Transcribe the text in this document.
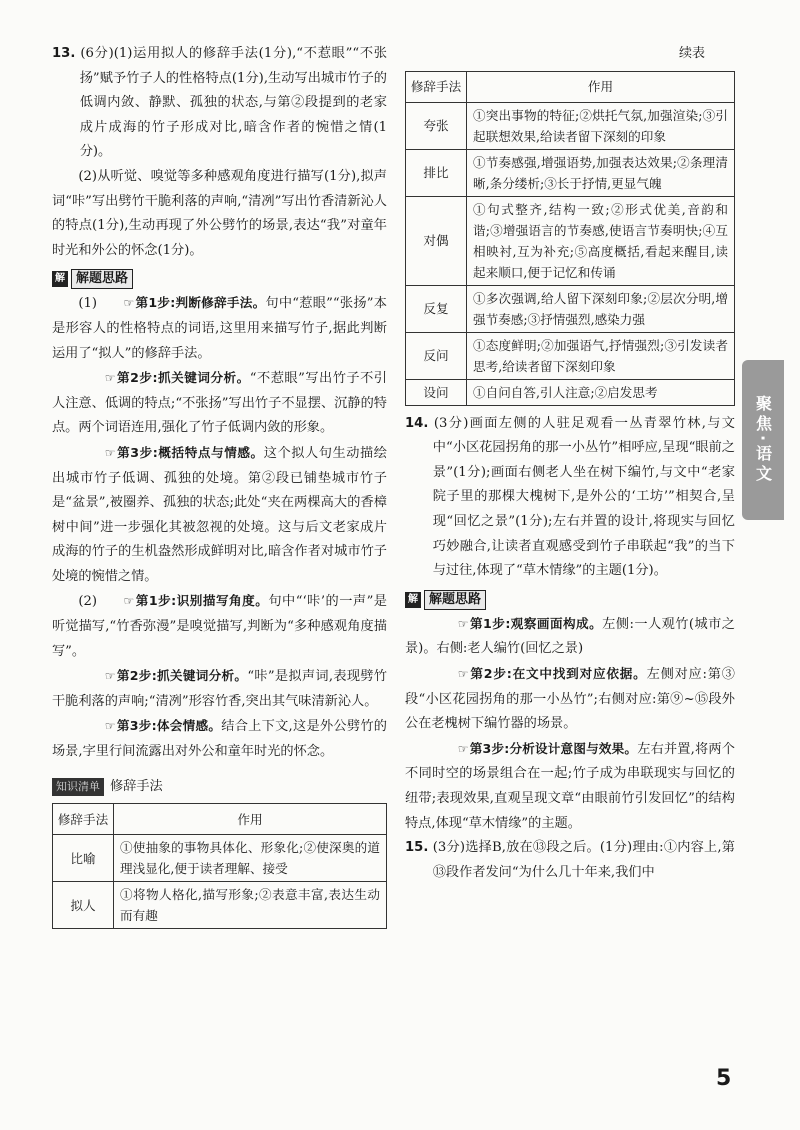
13. (6分)(1)运用拟人的修辞手法(1分),“不惹眼”“不张扬”赋予竹子人的性格特点(1分),生动写出城市竹子的低调内敛、静默、孤独的状态,与第②段提到的老家成片成海的竹子形成对比,暗含作者的惋惜之情(1分)。

(2)从听觉、嗅觉等多种感观角度进行描写(1分),拟声词“咔”写出劈竹干脆利落的声响,“清冽”写出竹香清新沁人的特点(1分),生动再现了外公劈竹的场景,表达“我”对童年时光和外公的怀念(1分)。

解 解题思路

(1) ☞第1步:判断修辞手法。句中“惹眼”“张扬”本是形容人的性格特点的词语,这里用来描写竹子,据此判断运用了“拟人”的修辞手法。

☞第2步:抓关键词分析。“不惹眼”写出竹子不引人注意、低调的特点;“不张扬”写出竹子不显摆、沉静的特点。两个词语连用,强化了竹子低调内敛的形象。

☞第3步:概括特点与情感。这个拟人句生动描绘出城市竹子低调、孤独的处境。第②段已铺垫城市竹子是“盆景”,被圈养、孤独的状态;此处“夹在两棵高大的香樟树中间”进一步强化其被忽视的处境。这与后文老家成片成海的竹子的生机盎然形成鲜明对比,暗含作者对城市竹子处境的惋惜之情。

(2) ☞第1步:识别描写角度。句中“‘咔’的一声”是听觉描写,“竹香弥漫”是嗅觉描写,判断为“多种感观角度描写”。

☞第2步:抓关键词分析。“咔”是拟声词,表现劈竹干脆利落的声响;“清冽”形容竹香,突出其气味清新沁人。

☞第3步:体会情感。结合上下文,这是外公劈竹的场景,字里行间流露出对外公和童年时光的怀念。

知识清单 修辞手法
修辞手法	作用
比喻	①使抽象的事物具体化、形象化;②使深奥的道理浅显化,便于读者理解、接受
拟人	①将物人格化,描写形象;②表意丰富,表达生动而有趣
续表
修辞手法	作用
夸张	①突出事物的特征;②烘托气氛,加强渲染;③引起联想效果,给读者留下深刻的印象
排比	①节奏感强,增强语势,加强表达效果;②条理清晰,条分缕析;③长于抒情,更显气魄
对偶	①句式整齐,结构一致;②形式优美,音韵和谐;③增强语言的节奏感,使语言节奏明快;④互相映衬,互为补充;⑤高度概括,看起来醒目,读起来顺口,便于记忆和传诵
反复	①多次强调,给人留下深刻印象;②层次分明,增强节奏感;③抒情强烈,感染力强
反问	①态度鲜明;②加强语气,抒情强烈;③引发读者思考,给读者留下深刻印象
设问	①自问自答,引人注意;②启发思考

14. (3分)画面左侧的人驻足观看一丛青翠竹林,与文中“小区花园拐角的那一小丛竹”相呼应,呈现“眼前之景”(1分);画面右侧老人坐在树下编竹,与文中“老家院子里的那棵大槐树下,是外公的‘工坊’”相契合,呈现“回忆之景”(1分);左右并置的设计,将现实与回忆巧妙融合,让读者直观感受到竹子串联起“我”的当下与过往,体现了“草木情缘”的主题(1分)。

解 解题思路

☞第1步:观察画面构成。左侧:一人观竹(城市之景)。右侧:老人编竹(回忆之景)

☞第2步:在文中找到对应依据。左侧对应:第③段“小区花园拐角的那一小丛竹”;右侧对应:第⑨~⑮段外公在老槐树下编竹器的场景。

☞第3步:分析设计意图与效果。左右并置,将两个不同时空的场景组合在一起;竹子成为串联现实与回忆的纽带;表现效果,直观呈现文章“由眼前竹引发回忆”的结构特点,体现“草木情缘”的主题。

15. (3分)选择B,放在⑬段之后。(1分)理由:①内容上,第⑬段作者发问“为什么几十年来,我们中

聚焦·语文
5
